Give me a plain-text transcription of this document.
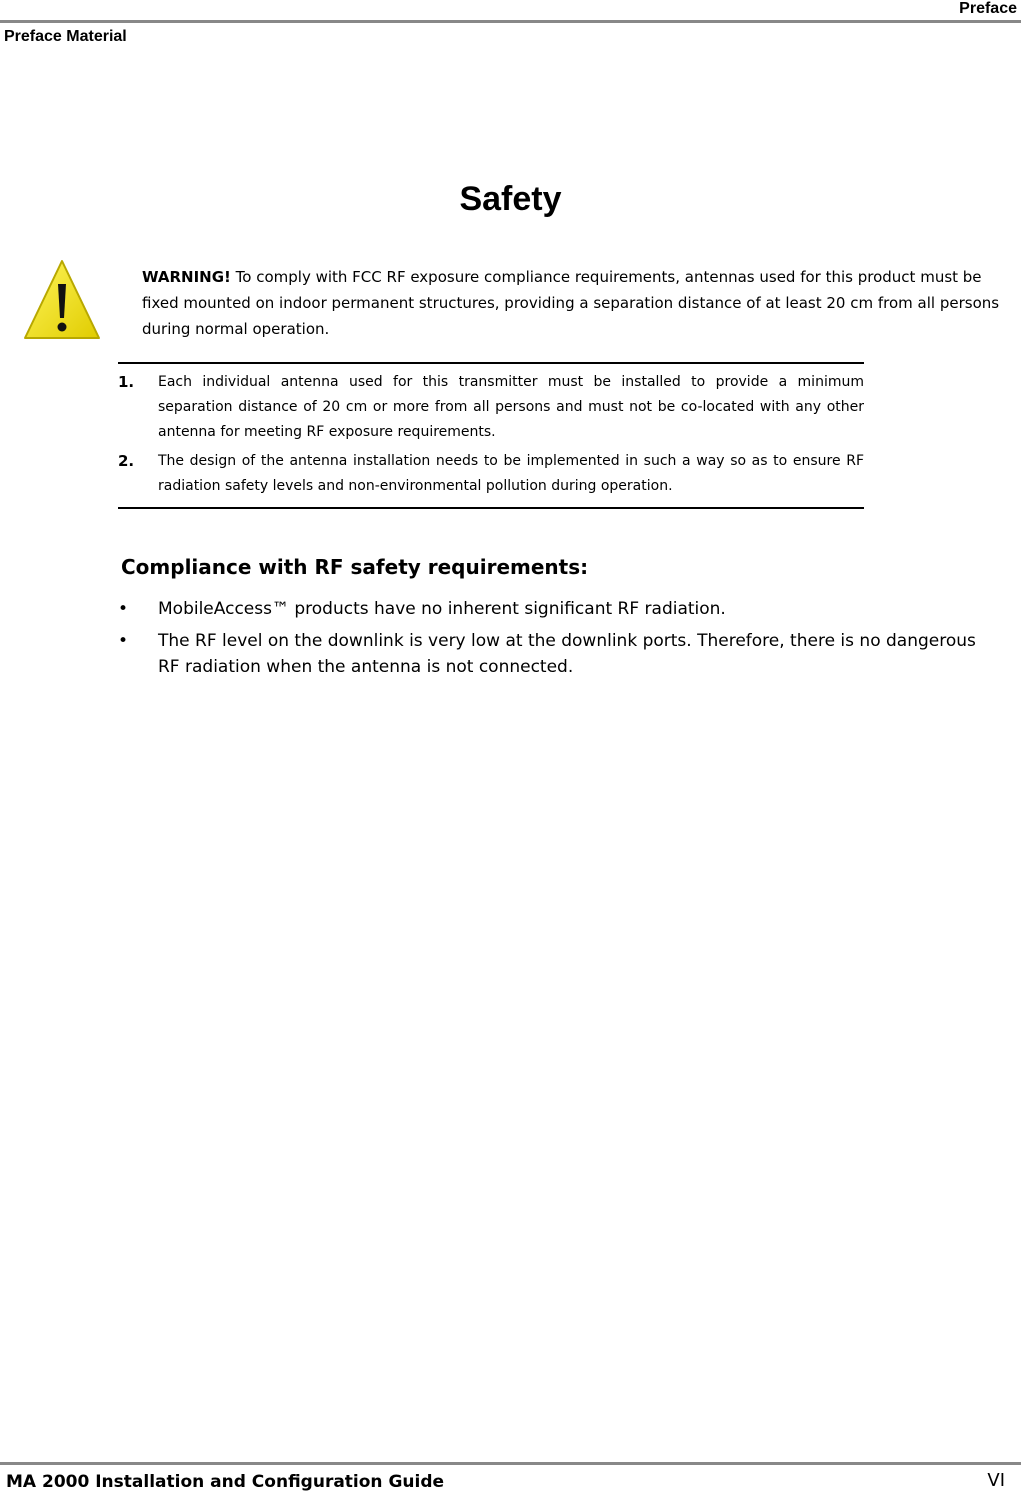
Preface
Preface Material
Safety
WARNING! To comply with FCC RF exposure compliance requirements, antennas used for this product must be fixed mounted on indoor permanent structures, providing a separation distance of at least 20 cm from all persons during normal operation.
1.	Each individual antenna used for this transmitter must be installed to provide a minimum separation distance of 20 cm or more from all persons and must not be co-located with any other antenna for meeting RF exposure requirements.
2.	The design of the antenna installation needs to be implemented in such a way so as to ensure RF radiation safety levels and non-environmental pollution during operation.
Compliance with RF safety requirements:
•	MobileAccess™ products have no inherent significant RF radiation.
•	The RF level on the downlink is very low at the downlink ports. Therefore, there is no dangerous RF radiation when the antenna is not connected.
MA 2000 Installation and Configuration Guide	VI
